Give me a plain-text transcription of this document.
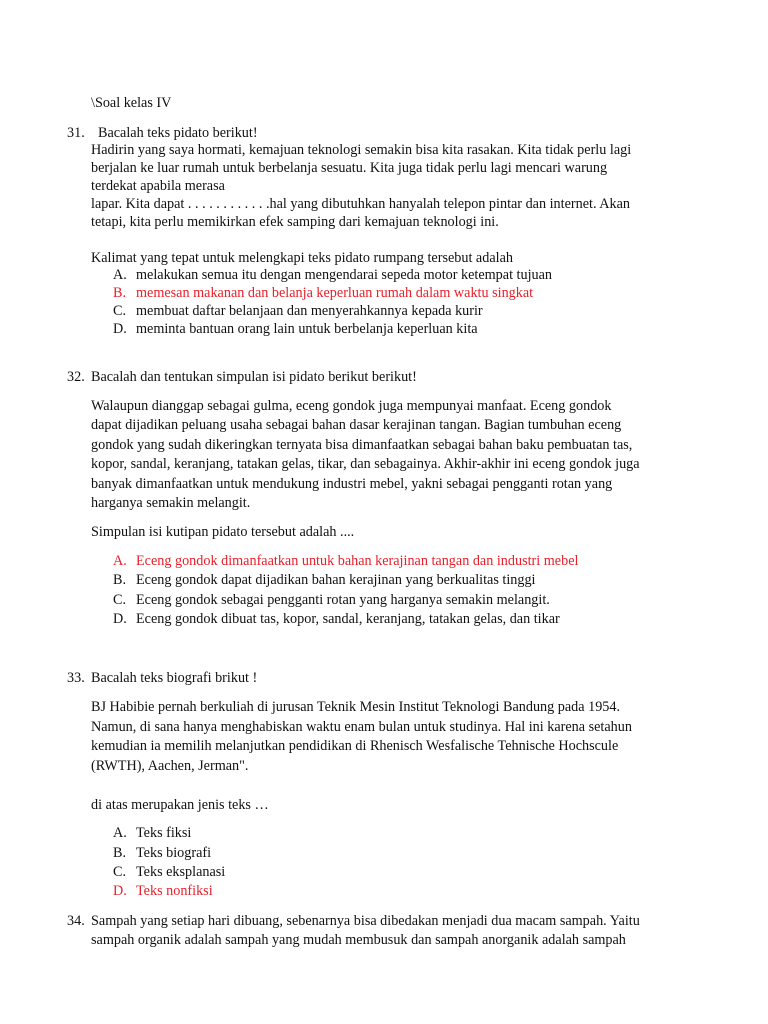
\Soal kelas IV
31. Bacalah teks pidato berikut!
Hadirin yang saya hormati, kemajuan teknologi semakin bisa kita rasakan. Kita tidak perlu lagi
berjalan ke luar rumah untuk berbelanja sesuatu. Kita juga tidak perlu lagi mencari warung
terdekat apabila merasa
lapar. Kita dapat . . . . . . . . . . . .hal yang dibutuhkan hanyalah telepon pintar dan internet. Akan
tetapi, kita perlu memikirkan efek samping dari kemajuan teknologi ini.
Kalimat yang tepat untuk melengkapi teks pidato rumpang tersebut adalah
A. melakukan semua itu dengan mengendarai sepeda motor ketempat tujuan
B. memesan makanan dan belanja keperluan rumah dalam waktu singkat
C. membuat daftar belanjaan dan menyerahkannya kepada kurir
D. meminta bantuan orang lain untuk berbelanja keperluan kita
32. Bacalah dan tentukan simpulan isi pidato berikut berikut!
Walaupun dianggap sebagai gulma, eceng gondok juga mempunyai manfaat. Eceng gondok
dapat dijadikan peluang usaha sebagai bahan dasar kerajinan tangan. Bagian tumbuhan eceng
gondok yang sudah dikeringkan ternyata bisa dimanfaatkan sebagai bahan baku pembuatan tas,
kopor, sandal, keranjang, tatakan gelas, tikar, dan sebagainya. Akhir-akhir ini eceng gondok juga
banyak dimanfaatkan untuk mendukung industri mebel, yakni sebagai pengganti rotan yang
harganya semakin melangit.
Simpulan isi kutipan pidato tersebut adalah ....
A. Eceng gondok dimanfaatkan untuk bahan kerajinan tangan dan industri mebel
B. Eceng gondok dapat dijadikan bahan kerajinan yang berkualitas tinggi
C. Eceng gondok sebagai pengganti rotan yang harganya semakin melangit.
D. Eceng gondok dibuat tas, kopor, sandal, keranjang, tatakan gelas, dan tikar
33. Bacalah teks biografi brikut !
BJ Habibie pernah berkuliah di jurusan Teknik Mesin Institut Teknologi Bandung pada 1954.
Namun, di sana hanya menghabiskan waktu enam bulan untuk studinya. Hal ini karena setahun
kemudian ia memilih melanjutkan pendidikan di Rhenisch Wesfalische Tehnische Hochscule
(RWTH), Aachen, Jerman".
di atas merupakan jenis teks …
A. Teks fiksi
B. Teks biografi
C. Teks eksplanasi
D. Teks nonfiksi
34. Sampah yang setiap hari dibuang, sebenarnya bisa dibedakan menjadi dua macam sampah. Yaitu
sampah organik adalah sampah yang mudah membusuk dan sampah anorganik adalah sampah
